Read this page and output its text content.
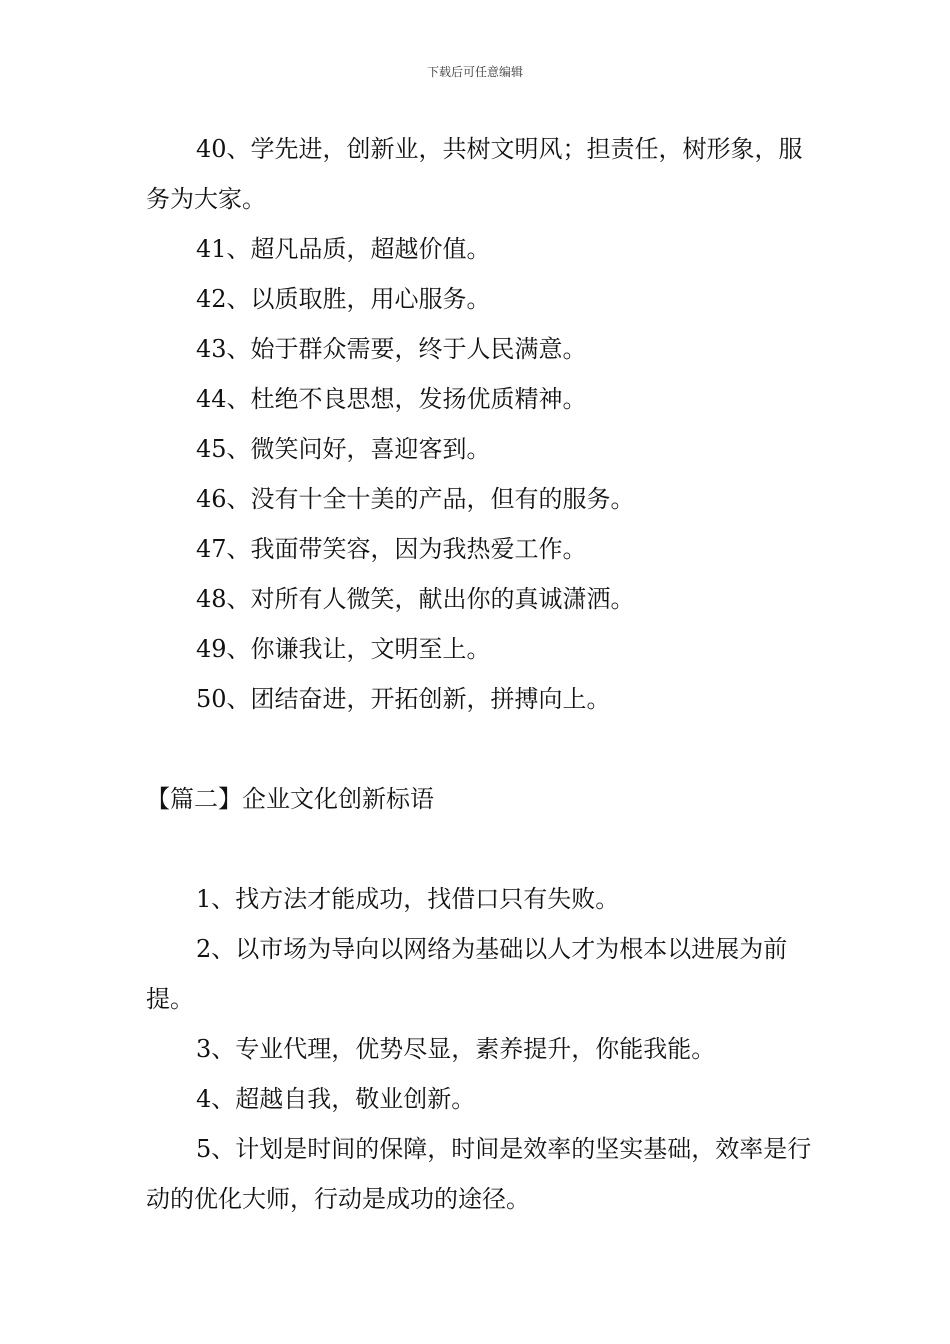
下载后可任意编辑

40、学先进，创新业，共树文明风；担责任，树形象，服务为大家。

41、超凡品质，超越价值。

42、以质取胜，用心服务。

43、始于群众需要，终于人民满意。

44、杜绝不良思想，发扬优质精神。

45、微笑问好，喜迎客到。

46、没有十全十美的产品，但有的服务。

47、我面带笑容，因为我热爱工作。

48、对所有人微笑，献出你的真诚潇洒。

49、你谦我让，文明至上。

50、团结奋进，开拓创新，拼搏向上。

【篇二】企业文化创新标语

1、找方法才能成功，找借口只有失败。

2、以市场为导向以网络为基础以人才为根本以进展为前提。

3、专业代理，优势尽显，素养提升，你能我能。

4、超越自我，敬业创新。

5、计划是时间的保障，时间是效率的坚实基础，效率是行动的优化大师，行动是成功的途径。
